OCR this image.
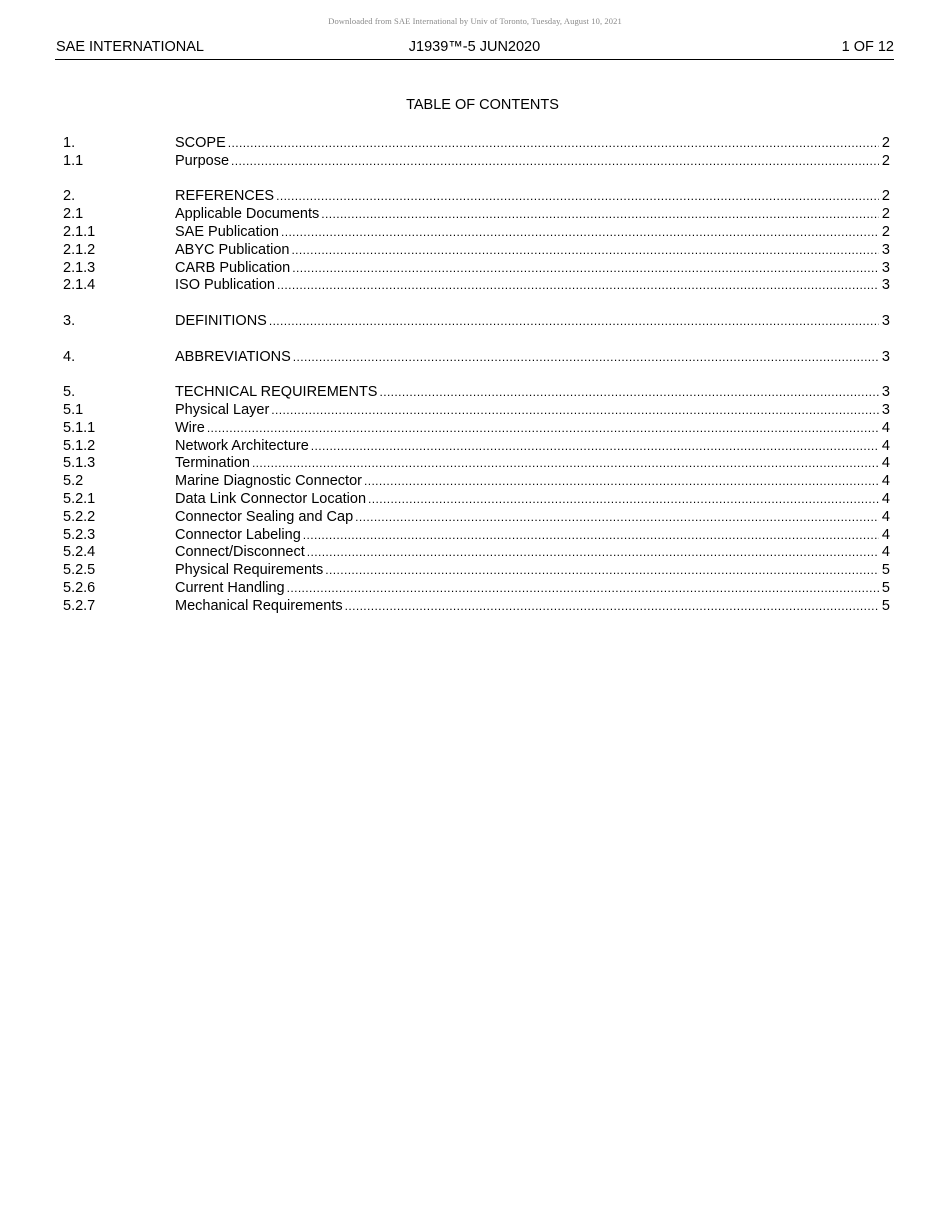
Downloaded from SAE International by Univ of Toronto, Tuesday, August 10, 2021
SAE INTERNATIONAL	J1939™-5 JUN2020	1 OF 12
TABLE OF CONTENTS
1.	SCOPE .....	2
1.1	Purpose .....	2
2.	REFERENCES .....	2
2.1	Applicable Documents .....	2
2.1.1	SAE Publication .....	2
2.1.2	ABYC Publication .....	3
2.1.3	CARB Publication .....	3
2.1.4	ISO Publication .....	3
3.	DEFINITIONS .....	3
4.	ABBREVIATIONS .....	3
5.	TECHNICAL REQUIREMENTS .....	3
5.1	Physical Layer .....	3
5.1.1	Wire .....	4
5.1.2	Network Architecture .....	4
5.1.3	Termination .....	4
5.2	Marine Diagnostic Connector .....	4
5.2.1	Data Link Connector Location .....	4
5.2.2	Connector Sealing and Cap .....	4
5.2.3	Connector Labeling .....	4
5.2.4	Connect/Disconnect .....	4
5.2.5	Physical Requirements .....	5
5.2.6	Current Handling .....	5
5.2.7	Mechanical Requirements .....	5
